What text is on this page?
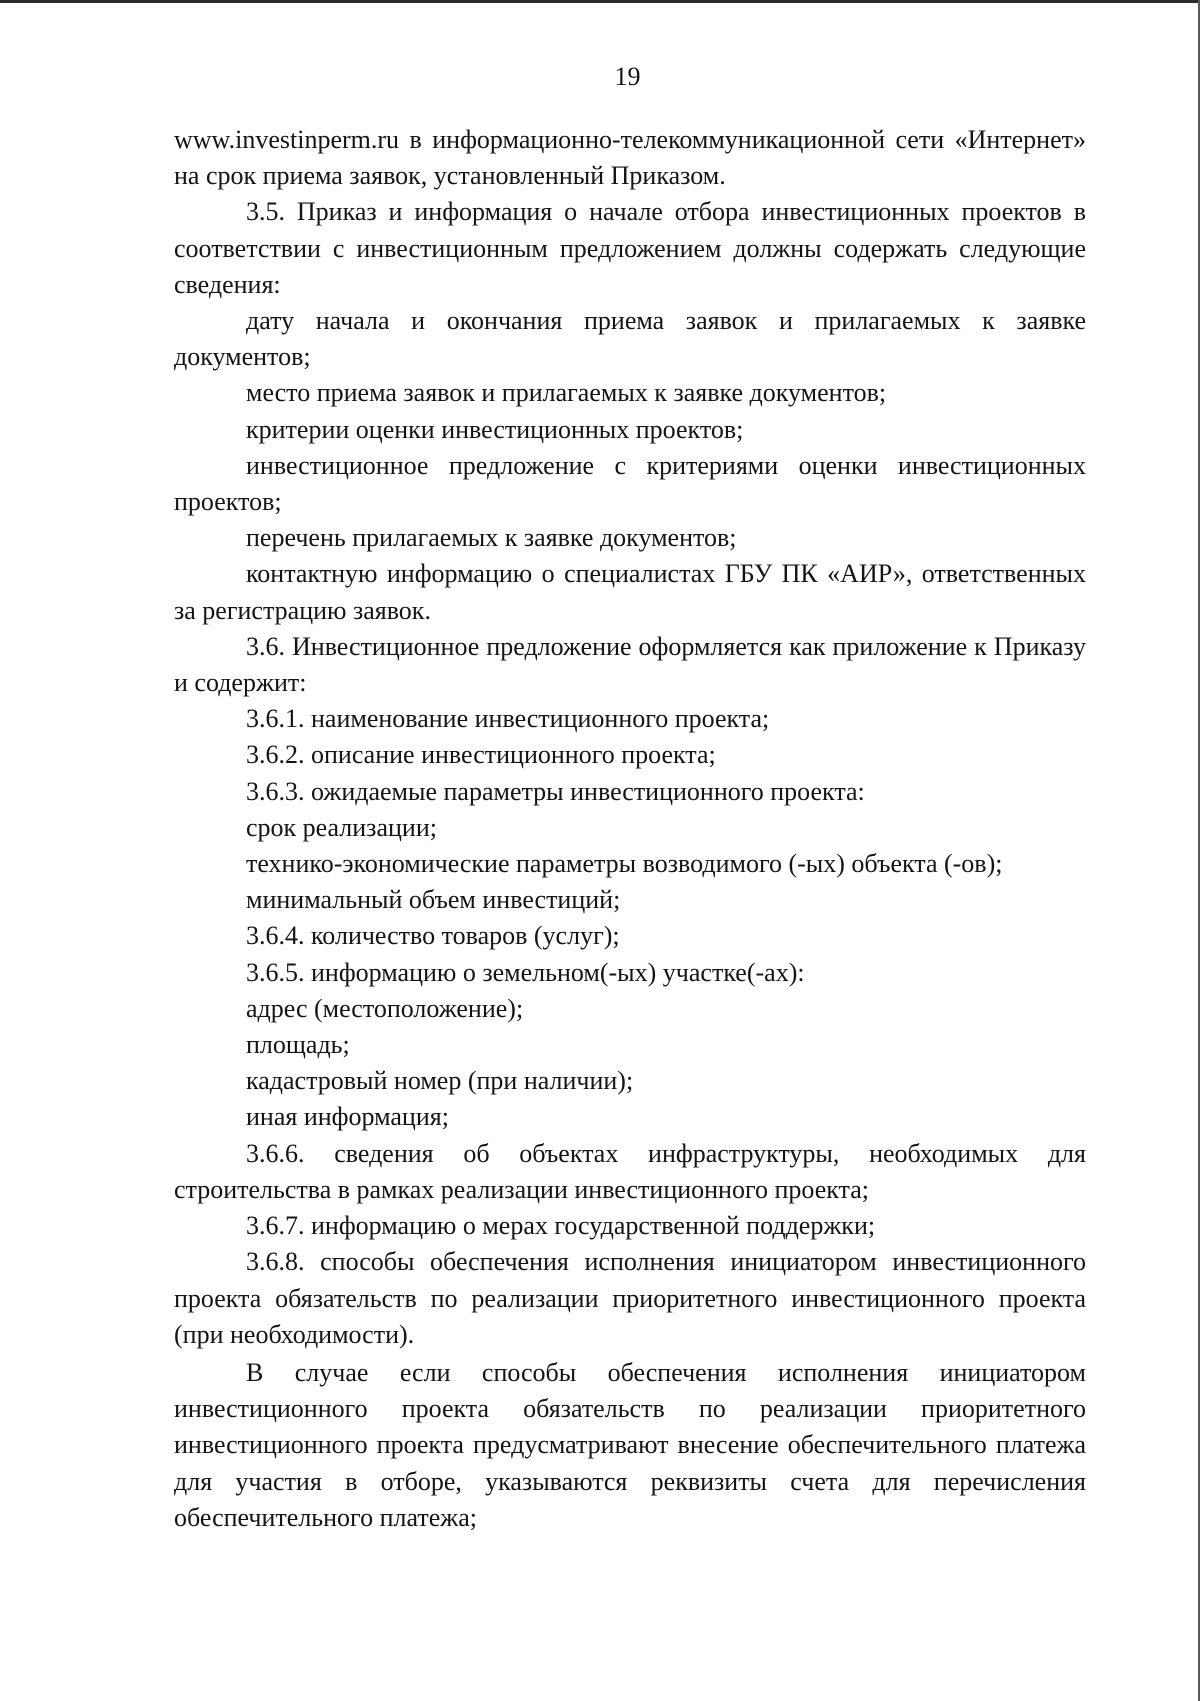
19

www.investinperm.ru в информационно-телекоммуникационной сети «Интернет» на срок приема заявок, установленный Приказом.

3.5. Приказ и информация о начале отбора инвестиционных проектов в соответствии с инвестиционным предложением должны содержать следующие сведения:

дату начала и окончания приема заявок и прилагаемых к заявке документов;

место приема заявок и прилагаемых к заявке документов;

критерии оценки инвестиционных проектов;

инвестиционное предложение с критериями оценки инвестиционных проектов;

перечень прилагаемых к заявке документов;

контактную информацию о специалистах ГБУ ПК «АИР», ответственных за регистрацию заявок.

3.6. Инвестиционное предложение оформляется как приложение к Приказу и содержит:

3.6.1. наименование инвестиционного проекта;

3.6.2. описание инвестиционного проекта;

3.6.3. ожидаемые параметры инвестиционного проекта:

срок реализации;

технико-экономические параметры возводимого (-ых) объекта (-ов);

минимальный объем инвестиций;

3.6.4. количество товаров (услуг);

3.6.5. информацию о земельном(-ых) участке(-ах):

адрес (местоположение);

площадь;

кадастровый номер (при наличии);

иная информация;

3.6.6. сведения об объектах инфраструктуры, необходимых для строительства в рамках реализации инвестиционного проекта;

3.6.7. информацию о мерах государственной поддержки;

3.6.8. способы обеспечения исполнения инициатором инвестиционного проекта обязательств по реализации приоритетного инвестиционного проекта (при необходимости).

В случае если способы обеспечения исполнения инициатором инвестиционного проекта обязательств по реализации приоритетного инвестиционного проекта предусматривают внесение обеспечительного платежа для участия в отборе, указываются реквизиты счета для перечисления обеспечительного платежа;
